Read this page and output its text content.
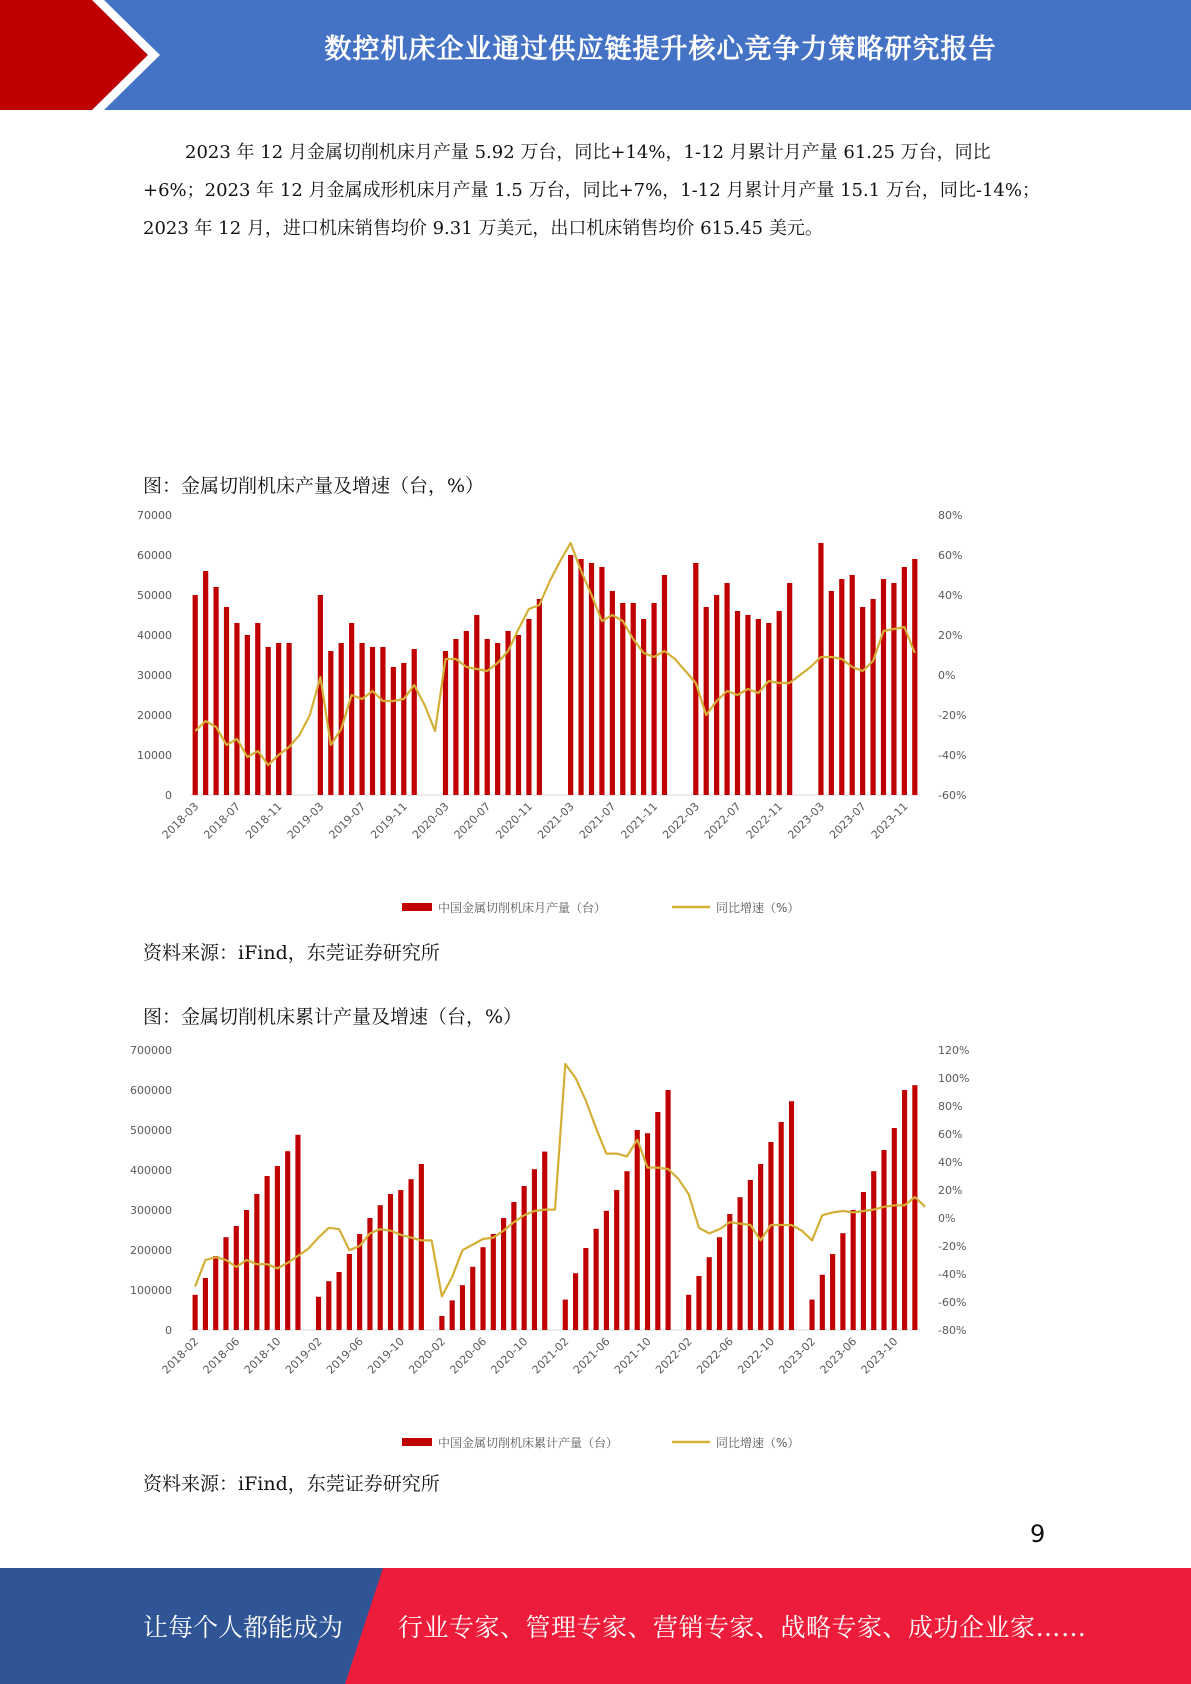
数控机床企业通过供应链提升核心竞争力策略研究报告

2023 年 12 月金属切削机床月产量 5.92 万台，同比+14%，1-12 月累计月产量 61.25 万台，同比+6%；2023 年 12 月金属成形机床月产量 1.5 万台，同比+7%，1-12 月累计月产量 15.1 万台，同比-14%；2023 年 12 月，进口机床销售均价 9.31 万美元，出口机床销售均价 615.45 美元。

图：金属切削机床产量及增速（台，%）
70000
60000
50000
40000
30000
20000
10000
0
80%
60%
40%
20%
0%
-20%
-40%
-60%
2018-03 2018-07 2018-11 2019-03 2019-07 2019-11 2020-03 2020-07 2020-11 2021-03 2021-07 2021-11 2022-03 2022-07 2022-11 2023-03 2023-07 2023-11
中国金属切削机床月产量（台）	同比增速（%）
资料来源：iFind，东莞证券研究所
图：金属切削机床累计产量及增速（台，%）
700000
600000
500000
400000
300000
200000
100000
0
120%
100%
80%
60%
40%
20%
0%
-20%
-40%
-60%
-80%
2018-02 2018-06 2018-10 2019-02 2019-06 2019-10 2020-02 2020-06 2020-10 2021-02 2021-06 2021-10 2022-02 2022-06 2022-10 2023-02 2023-06 2023-10
中国金属切削机床累计产量（台）	同比增速（%）
资料来源：iFind，东莞证券研究所
9
让每个人都能成为 行业专家、管理专家、营销专家、战略专家、成功企业家……
